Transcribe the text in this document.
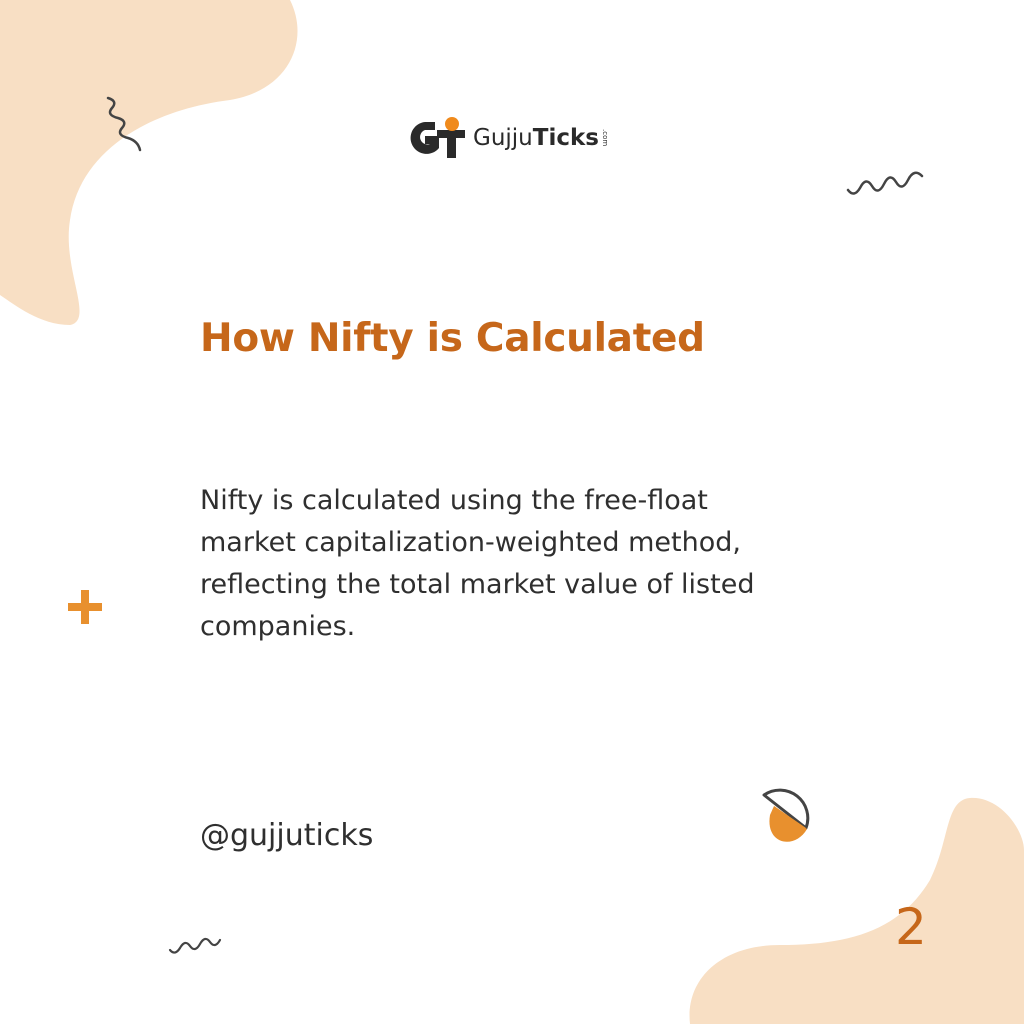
GujjuTicks .com
How Nifty is Calculated
Nifty is calculated using the free-float
market capitalization-weighted method,
reflecting the total market value of listed
companies.
@gujjuticks
2
